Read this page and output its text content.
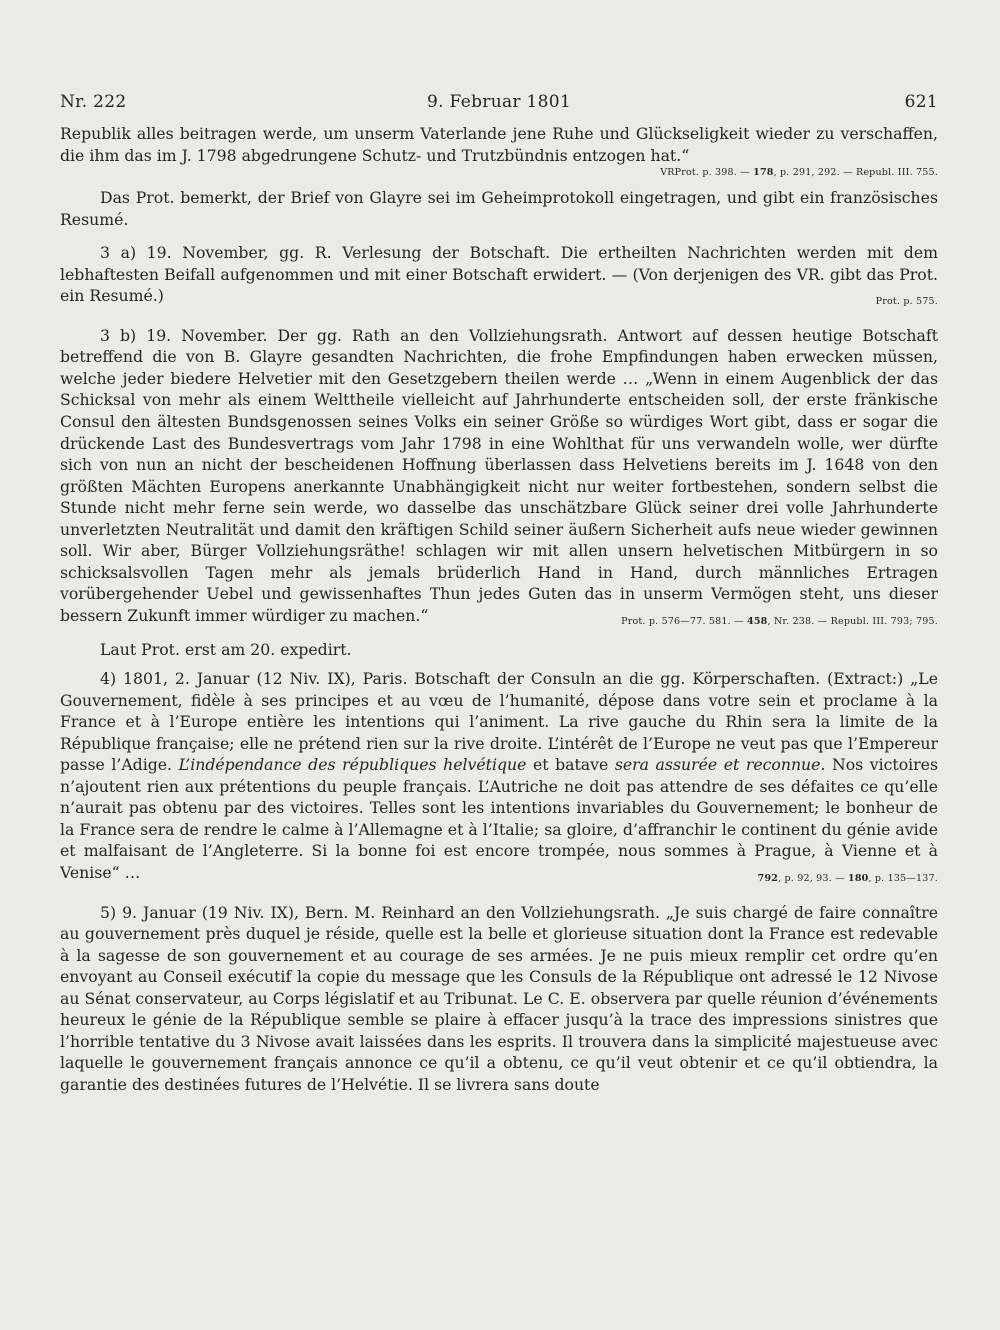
Nr. 222	9. Februar 1801	621

Republik alles beitragen werde, um unserm Vaterlande jene Ruhe und Glückseligkeit wieder zu verschaffen, die ihm das im J. 1798 abgedrungene Schutz- und Trutzbündnis entzogen hat.“

VRProt. p. 398. — 178, p. 291, 292. — Republ. III. 755.

Das Prot. bemerkt, der Brief von Glayre sei im Geheimprotokoll eingetragen, und gibt ein französisches Resumé.

3 a) 19. November, gg. R. Verlesung der Botschaft. Die ertheilten Nachrichten werden mit dem lebhaftesten Beifall aufgenommen und mit einer Botschaft erwidert. — (Von derjenigen des VR. gibt das Prot. ein Resumé.)	Prot. p. 575.

3 b) 19. November. Der gg. Rath an den Vollziehungsrath. Antwort auf dessen heutige Botschaft betreffend die von B. Glayre gesandten Nachrichten, die frohe Empfindungen haben erwecken müssen, welche jeder biedere Helvetier mit den Gesetzgebern theilen werde … „Wenn in einem Augenblick der das Schicksal von mehr als einem Welttheile vielleicht auf Jahrhunderte entscheiden soll, der erste fränkische Consul den ältesten Bundsgenossen seines Volks ein seiner Größe so würdiges Wort gibt, dass er sogar die drückende Last des Bundesvertrags vom Jahr 1798 in eine Wohlthat für uns verwandeln wolle, wer dürfte sich von nun an nicht der bescheidenen Hoffnung überlassen dass Helvetiens bereits im J. 1648 von den größten Mächten Europens anerkannte Unabhängigkeit nicht nur weiter fortbestehen, sondern selbst die Stunde nicht mehr ferne sein werde, wo dasselbe das unschätzbare Glück seiner drei volle Jahrhunderte unverletzten Neutralität und damit den kräftigen Schild seiner äußern Sicherheit aufs neue wieder gewinnen soll. Wir aber, Bürger Vollziehungsräthe! schlagen wir mit allen unsern helvetischen Mitbürgern in so schicksalsvollen Tagen mehr als jemals brüderlich Hand in Hand, durch männliches Ertragen vorübergehender Uebel und gewissenhaftes Thun jedes Guten das in unserm Vermögen steht, uns dieser bessern Zukunft immer würdiger zu machen.“	Prot. p. 576—77. 581. — 458, Nr. 238. — Republ. III. 793; 795.

Laut Prot. erst am 20. expedirt.

4) 1801, 2. Januar (12 Niv. IX), Paris. Botschaft der Consuln an die gg. Körperschaften. (Extract:) „Le Gouvernement, fidèle à ses principes et au vœu de l’humanité, dépose dans votre sein et proclame à la France et à l’Europe entière les intentions qui l’animent. La rive gauche du Rhin sera la limite de la République française; elle ne prétend rien sur la rive droite. L’intérêt de l’Europe ne veut pas que l’Empereur passe l’Adige. L’indépendance des républiques helvétique et batave sera assurée et reconnue. Nos victoires n’ajoutent rien aux prétentions du peuple français. L’Autriche ne doit pas attendre de ses défaites ce qu’elle n’aurait pas obtenu par des victoires. Telles sont les intentions invariables du Gouvernement; le bonheur de la France sera de rendre le calme à l’Allemagne et à l’Italie; sa gloire, d’affranchir le continent du génie avide et malfaisant de l’Angleterre. Si la bonne foi est encore trompée, nous sommes à Prague, à Vienne et à Venise“ …	792, p. 92, 93. — 180, p. 135—137.

5) 9. Januar (19 Niv. IX), Bern. M. Reinhard an den Vollziehungsrath. „Je suis chargé de faire connaître au gouvernement près duquel je réside, quelle est la belle et glorieuse situation dont la France est redevable à la sagesse de son gouvernement et au courage de ses armées. Je ne puis mieux remplir cet ordre qu’en envoyant au Conseil exécutif la copie du message que les Consuls de la République ont adressé le 12 Nivose au Sénat conservateur, au Corps législatif et au Tribunat. Le C. E. observera par quelle réunion d’événements heureux le génie de la République semble se plaire à effacer jusqu’à la trace des impressions sinistres que l’horrible tentative du 3 Nivose avait laissées dans les esprits. Il trouvera dans la simplicité majestueuse avec laquelle le gouvernement français annonce ce qu’il a obtenu, ce qu’il veut obtenir et ce qu’il obtiendra, la garantie des destinées futures de l’Helvétie. Il se livrera sans doute
